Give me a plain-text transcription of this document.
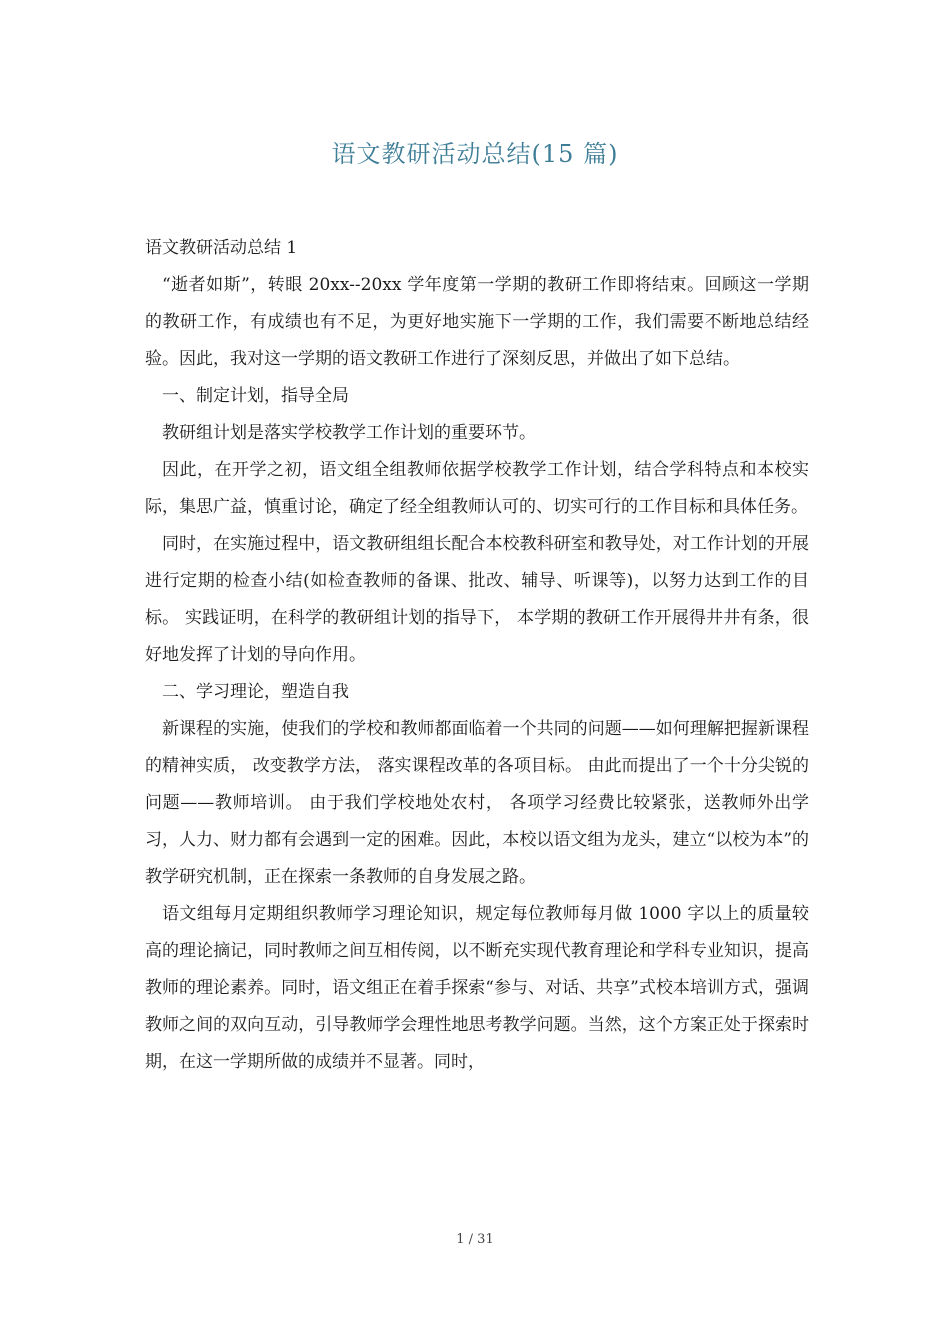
语文教研活动总结(15 篇)

语文教研活动总结 1

“逝者如斯”，转眼 20xx--20xx 学年度第一学期的教研工作即将结束。回顾这一学期的教研工作，有成绩也有不足，为更好地实施下一学期的工作，我们需要不断地总结经验。因此，我对这一学期的语文教研工作进行了深刻反思，并做出了如下总结。

一、制定计划，指导全局

教研组计划是落实学校教学工作计划的重要环节。

因此，在开学之初，语文组全组教师依据学校教学工作计划，结合学科特点和本校实际，集思广益，慎重讨论，确定了经全组教师认可的、切实可行的工作目标和具体任务。

同时，在实施过程中，语文教研组组长配合本校教科研室和教导处，对工作计划的开展进行定期的检查小结(如检查教师的备课、批改、辅导、听课等)，以努力达到工作的目标。 实践证明，在科学的教研组计划的指导下， 本学期的教研工作开展得井井有条，很好地发挥了计划的导向作用。

二、学习理论，塑造自我

新课程的实施，使我们的学校和教师都面临着一个共同的问题——如何理解把握新课程的精神实质， 改变教学方法， 落实课程改革的各项目标。 由此而提出了一个十分尖锐的问题——教师培训。 由于我们学校地处农村， 各项学习经费比较紧张，送教师外出学习，人力、财力都有会遇到一定的困难。因此，本校以语文组为龙头，建立“以校为本”的教学研究机制，正在探索一条教师的自身发展之路。

语文组每月定期组织教师学习理论知识，规定每位教师每月做 1000 字以上的质量较高的理论摘记，同时教师之间互相传阅，以不断充实现代教育理论和学科专业知识，提高教师的理论素养。同时，语文组正在着手探索“参与、对话、共享”式校本培训方式，强调教师之间的双向互动，引导教师学会理性地思考教学问题。当然，这个方案正处于探索时期，在这一学期所做的成绩并不显著。同时，

1 / 31
